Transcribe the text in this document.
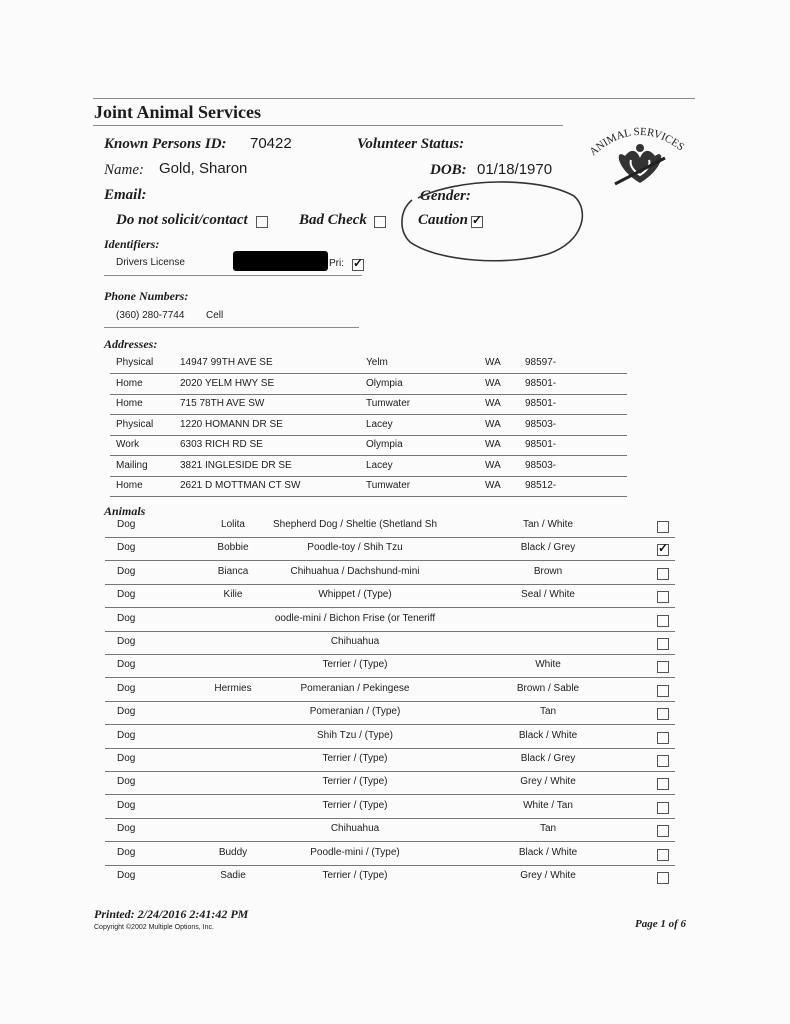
Joint Animal Services
ANIMAL SERVICES
Known Persons ID: 70422	Volunteer Status:
Name: Gold, Sharon	DOB: 01/18/1970
Email:	Gender:
Do not solicit/contact	Bad Check	Caution
✓
Identifiers:
Drivers License	Pri:
✓
Phone Numbers:
(360) 280-7744 Cell
Addresses:
Physical	14947 99TH AVE SE	Yelm	WA 98597-
Home	2020 YELM HWY SE	Olympia	WA 98501-
Home	715 78TH AVE SW	Tumwater	WA 98501-
Physical	1220 HOMANN DR SE	Lacey	WA 98503-
Work	6303 RICH RD SE	Olympia	WA 98501-
Mailing	3821 INGLESIDE DR SE	Lacey	WA 98503-
Home	2621 D MOTTMAN CT SW	Tumwater	WA 98512-
Animals
Dog	Lolita	Shepherd Dog / Sheltie (Shetland Sh	Tan / White
Dog	Bobbie	Poodle-toy / Shih Tzu	Black / Grey
✓
Dog	Bianca	Chihuahua / Dachshund-mini	Brown
Dog	Kilie	Whippet / (Type)	Seal / White
Dog	oodle-mini / Bichon Frise (or Teneriff
Dog	Chihuahua
Dog	Terrier / (Type)	White
Dog	Hermies	Pomeranian / Pekingese	Brown / Sable
Dog	Pomeranian / (Type)	Tan
Dog	Shih Tzu / (Type)	Black / White
Dog	Terrier / (Type)	Black / Grey
Dog	Terrier / (Type)	Grey / White
Dog	Terrier / (Type)	White / Tan
Dog	Chihuahua	Tan
Dog	Buddy	Poodle-mini / (Type)	Black / White
Dog	Sadie	Terrier / (Type)	Grey / White
Printed: 2/24/2016 2:41:42 PM
Copyright ©2002 Multiple Options, Inc.	Page 1 of 6
